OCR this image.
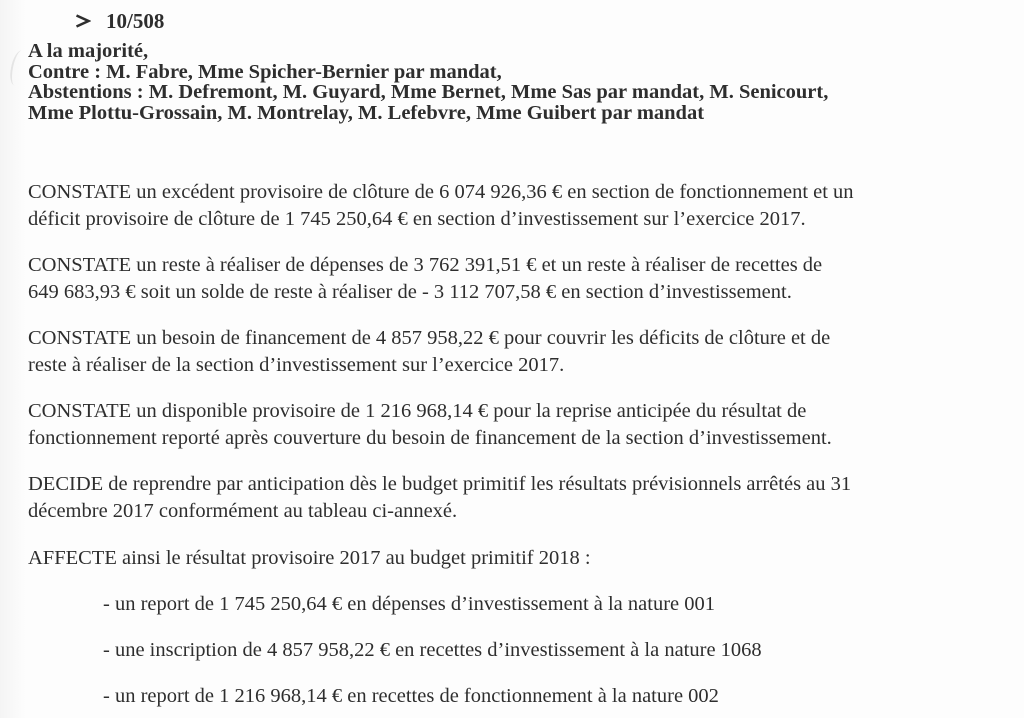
10/508
A la majorité,
Contre : M. Fabre, Mme Spicher-Bernier par mandat,
Abstentions : M. Defremont, M. Guyard, Mme Bernet, Mme Sas par mandat, M. Senicourt,
Mme Plottu-Grossain, M. Montrelay, M. Lefebvre, Mme Guibert par mandat

CONSTATE un excédent provisoire de clôture de 6 074 926,36 € en section de fonctionnement et un
déficit provisoire de clôture de 1 745 250,64 € en section d’investissement sur l’exercice 2017.

CONSTATE un reste à réaliser de dépenses de 3 762 391,51 € et un reste à réaliser de recettes de
649 683,93 € soit un solde de reste à réaliser de - 3 112 707,58 € en section d’investissement.

CONSTATE un besoin de financement de 4 857 958,22 € pour couvrir les déficits de clôture et de
reste à réaliser de la section d’investissement sur l’exercice 2017.

CONSTATE un disponible provisoire de 1 216 968,14 € pour la reprise anticipée du résultat de
fonctionnement reporté après couverture du besoin de financement de la section d’investissement.

DECIDE de reprendre par anticipation dès le budget primitif les résultats prévisionnels arrêtés au 31
décembre 2017 conformément au tableau ci-annexé.

AFFECTE ainsi le résultat provisoire 2017 au budget primitif 2018 :

- un report de 1 745 250,64 € en dépenses d’investissement à la nature 001
- une inscription de 4 857 958,22 € en recettes d’investissement à la nature 1068
- un report de 1 216 968,14 € en recettes de fonctionnement à la nature 002
